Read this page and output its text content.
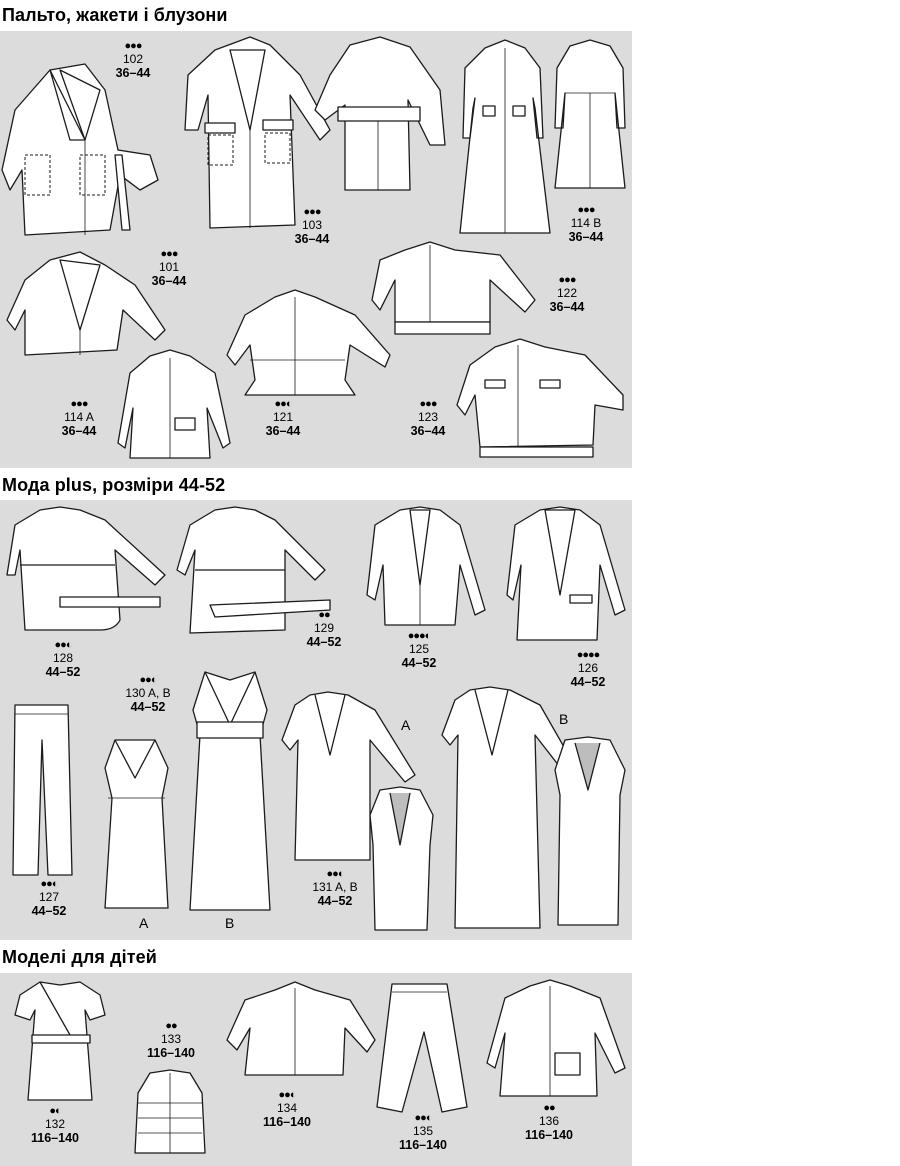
Пальто, жакети і блузони
Мода plus, розміри 44-52
Моделі для дітей
●●●
102
36–44
●●●
103
36–44
●●●
114 B
36–44
●●●
101
36–44	●●●
122
36–44
●●●
114 A
36–44
●●◐
121
36–44
●●●
123
36–44
●●◐
128
44–52
●●
129
44–52	●●●◐
125
44–52
●●●●
126
44–52
●●◐
130 A, B
44–52
●●◐
127
44–52
●●◐
131 A, B
44–52
A	B
A	B
●◐
132
116–140
●●
133
116–140
●●◐
134
116–140	●●◐
135
116–140
●●
136
116–140
